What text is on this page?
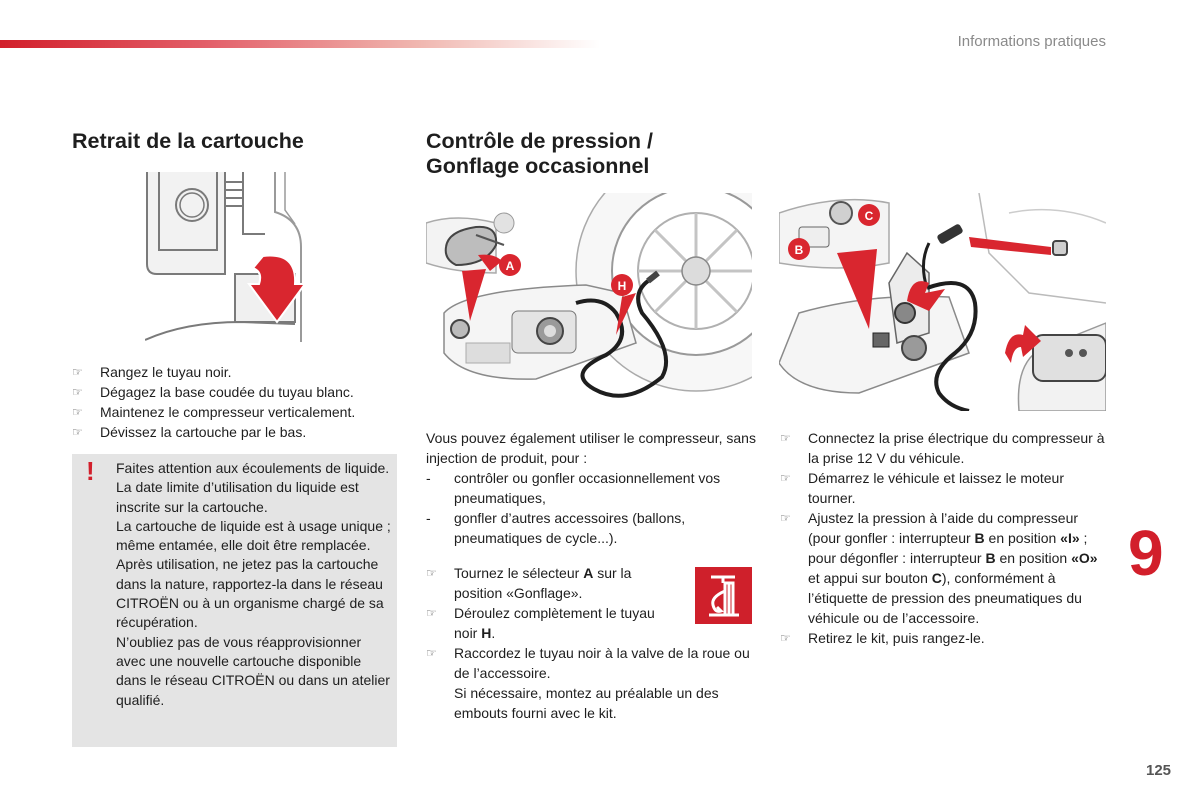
Informations pratiques
Retrait de la cartouche
☞ Rangez le tuyau noir.
☞ Dégagez la base coudée du tuyau blanc.
☞ Maintenez le compresseur verticalement.
☞ Dévissez la cartouche par le bas.
! Faites attention aux écoulements de liquide.

La date limite d’utilisation du liquide est inscrite sur la cartouche.

La cartouche de liquide est à usage unique ; même entamée, elle doit être remplacée.

Après utilisation, ne jetez pas la cartouche dans la nature, rapportez-la dans le réseau CITROËN ou à un organisme chargé de sa récupération.

N’oubliez pas de vous réapprovisionner avec une nouvelle cartouche disponible dans le réseau CITROËN ou dans un atelier qualifié.

Contrôle de pression /
Gonflage occasionnel
A
H

Vous pouvez également utiliser le compresseur, sans injection de produit, pour :

- contrôler ou gonfler occasionnellement vos pneumatiques,
- gonfler d’autres accessoires (ballons, pneumatiques de cycle...).
☞ Tournez le sélecteur A sur la position «Gonflage».
☞ Déroulez complètement le tuyau noir H.
☞ Raccordez le tuyau noir à la valve de la roue ou de l’accessoire.
Si nécessaire, montez au préalable un des embouts fourni avec le kit.
B
C
☞ Connectez la prise électrique du compresseur à la prise 12 V du véhicule.
☞ Démarrez le véhicule et laissez le moteur tourner.
☞ Ajustez la pression à l’aide du compresseur (pour gonfler : interrupteur B en position «I» ; pour dégonfler : interrupteur B en position «O» et appui sur bouton C), conformément à l’étiquette de pression des pneumatiques du véhicule ou de l’accessoire.
☞ Retirez le kit, puis rangez-le.
9
125
